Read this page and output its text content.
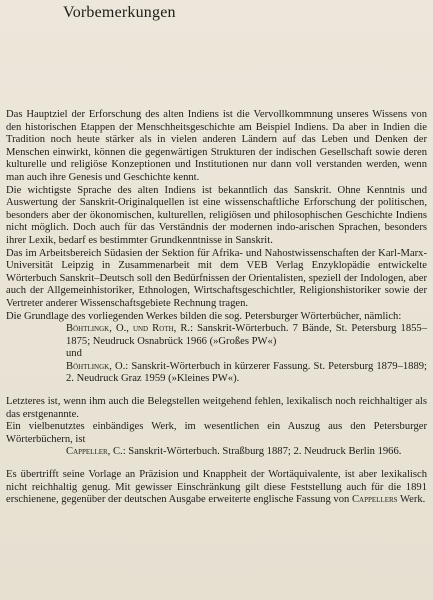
Vorbemerkungen

Das Hauptziel der Erforschung des alten Indiens ist die Vervollkommnung unseres Wissens von den historischen Etappen der Menschheitsgeschichte am Beispiel Indiens. Da aber in Indien die Tradition noch heute stärker als in vielen anderen Ländern auf das Leben und Denken der Menschen einwirkt, können die gegenwärtigen Strukturen der indischen Gesellschaft sowie deren kulturelle und religiöse Konzeptionen und Institutionen nur dann voll verstanden werden, wenn man auch ihre Genesis und Geschichte kennt.

Die wichtigste Sprache des alten Indiens ist bekanntlich das Sanskrit. Ohne Kenntnis und Auswertung der Sanskrit-Originalquellen ist eine wissenschaftliche Erforschung der politischen, besonders aber der ökonomischen, kulturellen, religiösen und philosophischen Geschichte Indiens nicht möglich. Doch auch für das Verständnis der modernen indo-arischen Sprachen, besonders ihrer Lexik, bedarf es bestimmter Grundkenntnisse in Sanskrit.

Das im Arbeitsbereich Südasien der Sektion für Afrika- und Nahostwissenschaften der Karl-Marx-Universität Leipzig in Zusammenarbeit mit dem VEB Verlag Enzyklopädie entwickelte Wörterbuch Sanskrit–Deutsch soll den Bedürfnissen der Orientalisten, speziell der Indologen, aber auch der Allgemeinhistoriker, Ethnologen, Wirtschaftsgeschichtler, Religionshistoriker sowie der Vertreter anderer Wissenschaftsgebiete Rechnung tragen.

Die Grundlage des vorliegenden Werkes bilden die sog. Petersburger Wörterbücher, nämlich:

Böhtlingk, O., und Roth, R.: Sanskrit-Wörterbuch. 7 Bände, St. Petersburg 1855–1875; Neudruck Osnabrück 1966 (»Großes PW«)

und

Böhtlingk, O.: Sanskrit-Wörterbuch in kürzerer Fassung. St. Petersburg 1879–1889; 2. Neudruck Graz 1959 (»Kleines PW«).

Letzteres ist, wenn ihm auch die Belegstellen weitgehend fehlen, lexikalisch noch reichhaltiger als das erstgenannte.

Ein vielbenutztes einbändiges Werk, im wesentlichen ein Auszug aus den Petersburger Wörterbüchern, ist

Cappeller, C.: Sanskrit-Wörterbuch. Straßburg 1887; 2. Neudruck Berlin 1966.

Es übertrifft seine Vorlage an Präzision und Knappheit der Wortäquivalente, ist aber lexikalisch nicht reichhaltig genug. Mit gewisser Einschränkung gilt diese Feststellung auch für die 1891 erschienene, gegenüber der deutschen Ausgabe erweiterte englische Fassung von Cappellers Werk.
